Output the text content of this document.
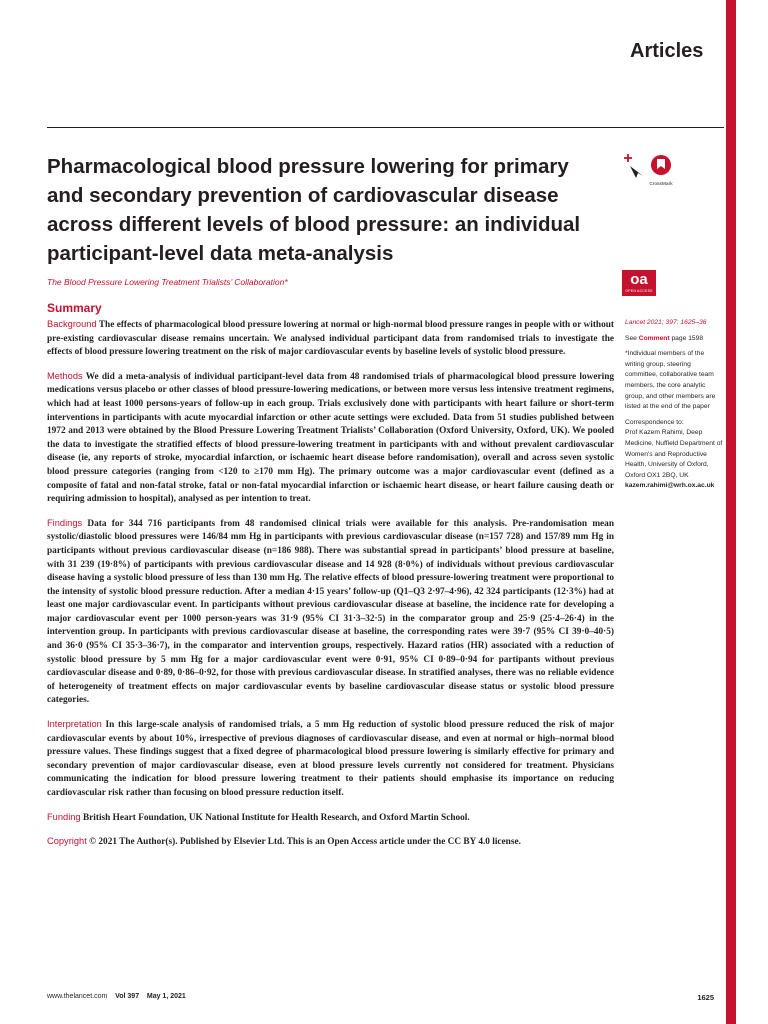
Articles
Pharmacological blood pressure lowering for primary and secondary prevention of cardiovascular disease across different levels of blood pressure: an individual participant-level data meta-analysis
CrossMark
oa
OPEN ACCESS
The Blood Pressure Lowering Treatment Trialists’ Collaboration*
Summary

Background The effects of pharmacological blood pressure lowering at normal or high-normal blood pressure ranges in people with or without pre-existing cardiovascular disease remains uncertain. We analysed individual participant data from randomised trials to investigate the effects of blood pressure lowering treatment on the risk of major cardiovascular events by baseline levels of systolic blood pressure.

Methods We did a meta-analysis of individual participant-level data from 48 randomised trials of pharmacological blood pressure lowering medications versus placebo or other classes of blood pressure-lowering medications, or between more versus less intensive treatment regimens, which had at least 1000 persons-years of follow-up in each group. Trials exclusively done with participants with heart failure or short-term interventions in participants with acute myocardial infarction or other acute settings were excluded. Data from 51 studies published between 1972 and 2013 were obtained by the Blood Pressure Lowering Treatment Trialists’ Collaboration (Oxford University, Oxford, UK). We pooled the data to investigate the stratified effects of blood pressure-lowering treatment in participants with and without prevalent cardiovascular disease (ie, any reports of stroke, myocardial infarction, or ischaemic heart disease before randomisation), overall and across seven systolic blood pressure categories (ranging from <120 to ≥170 mm Hg). The primary outcome was a major cardiovascular event (defined as a composite of fatal and non-fatal stroke, fatal or non-fatal myocardial infarction or ischaemic heart disease, or heart failure causing death or requiring admission to hospital), analysed as per intention to treat.

Findings Data for 344 716 participants from 48 randomised clinical trials were available for this analysis. Pre-randomisation mean systolic/diastolic blood pressures were 146/84 mm Hg in participants with previous cardiovascular disease (n=157 728) and 157/89 mm Hg in participants without previous cardiovascular disease (n=186 988). There was substantial spread in participants’ blood pressure at baseline, with 31 239 (19·8%) of participants with previous cardiovascular disease and 14 928 (8·0%) of individuals without previous cardiovascular disease having a systolic blood pressure of less than 130 mm Hg. The relative effects of blood pressure-lowering treatment were proportional to the intensity of systolic blood pressure reduction. After a median 4·15 years’ follow-up (Q1–Q3 2·97–4·96), 42 324 participants (12·3%) had at least one major cardiovascular event. In participants without previous cardiovascular disease at baseline, the incidence rate for developing a major cardiovascular event per 1000 person-years was 31·9 (95% CI 31·3–32·5) in the comparator group and 25·9 (25·4–26·4) in the intervention group. In participants with previous cardiovascular disease at baseline, the corresponding rates were 39·7 (95% CI 39·0–40·5) and 36·0 (95% CI 35·3–36·7), in the comparator and intervention groups, respectively. Hazard ratios (HR) associated with a reduction of systolic blood pressure by 5 mm Hg for a major cardiovascular event were 0·91, 95% CI 0·89–0·94 for partipants without previous cardiovascular disease and 0·89, 0·86–0·92, for those with previous cardiovascular disease. In stratified analyses, there was no reliable evidence of heterogeneity of treatment effects on major cardiovascular events by baseline cardiovascular disease status or systolic blood pressure categories.

Interpretation In this large-scale analysis of randomised trials, a 5 mm Hg reduction of systolic blood pressure reduced the risk of major cardiovascular events by about 10%, irrespective of previous diagnoses of cardiovascular disease, and even at normal or high–normal blood pressure values. These findings suggest that a fixed degree of pharmacological blood pressure lowering is similarly effective for primary and secondary prevention of major cardiovascular disease, even at blood pressure levels currently not considered for treatment. Physicians communicating the indication for blood pressure lowering treatment to their patients should emphasise its importance on reducing cardiovascular risk rather than focusing on blood pressure reduction itself.

Funding British Heart Foundation, UK National Institute for Health Research, and Oxford Martin School.

Copyright © 2021 The Author(s). Published by Elsevier Ltd. This is an Open Access article under the CC BY 4.0 license.

Lancet 2021; 397: 1625–36
See Comment page 1598
*Individual members of the writing group, steering committee, collaborative team members, the core analytic group, and other members are listed at the end of the paper
Correspondence to:
Prof Kazem Rahimi, Deep Medicine, Nuffield Department of Women’s and Reproductive Health, University of Oxford, Oxford OX1 2BQ, UK
kazem.rahimi@wrh.ox.ac.uk
www.thelancet.com Vol 397 May 1, 2021	1625
